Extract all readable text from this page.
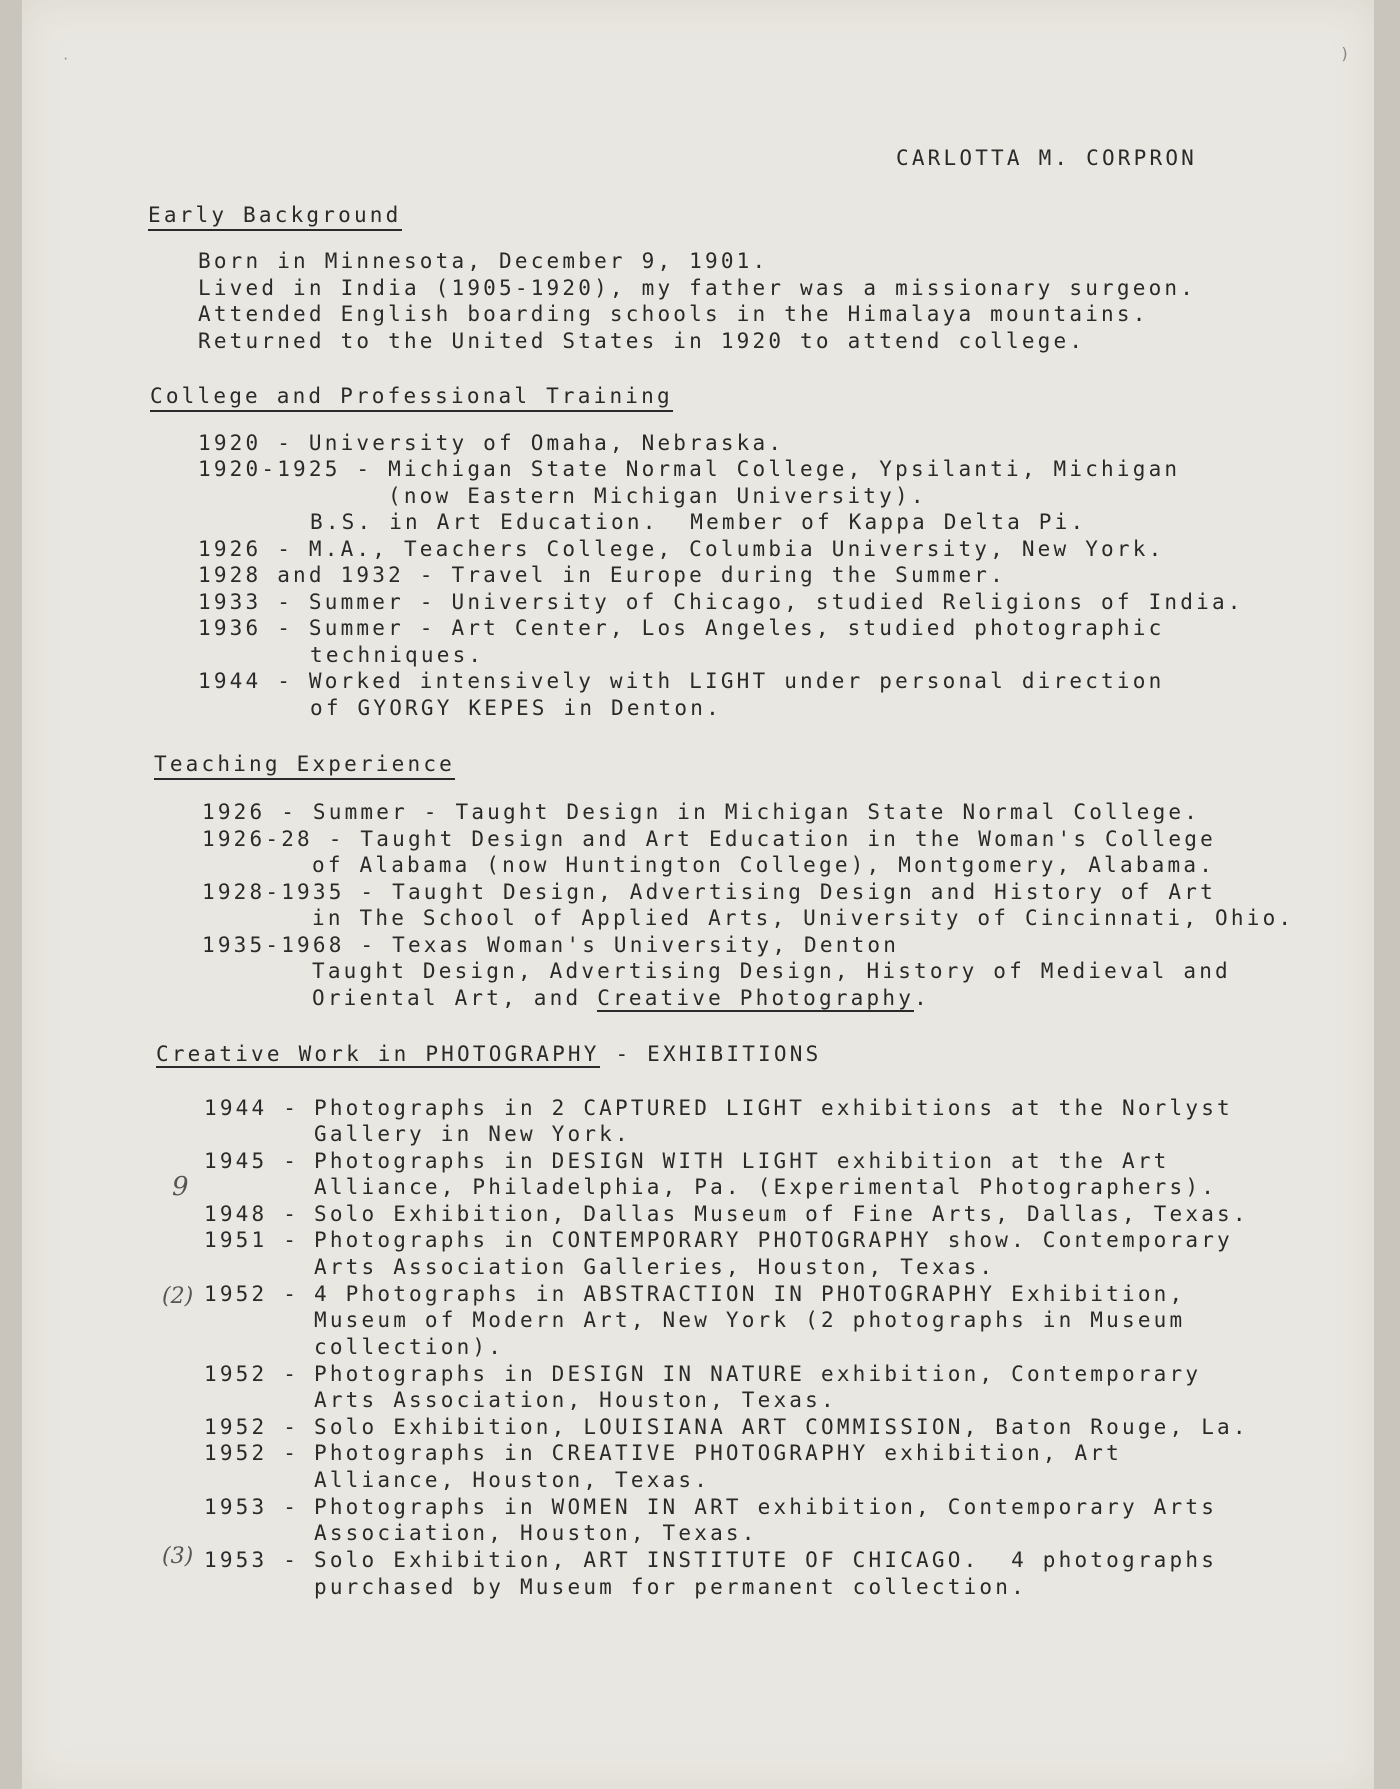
·	)
CARLOTTA M. CORPRON
Early Background
Born in Minnesota, December 9, 1901.
Lived in India (1905-1920), my father was a missionary surgeon.
Attended English boarding schools in the Himalaya mountains.
Returned to the United States in 1920 to attend college.
College and Professional Training
1920 - University of Omaha, Nebraska.
1920-1925 - Michigan State Normal College, Ypsilanti, Michigan
(now Eastern Michigan University).
B.S. in Art Education.  Member of Kappa Delta Pi.
1926 - M.A., Teachers College, Columbia University, New York.
1928 and 1932 - Travel in Europe during the Summer.
1933 - Summer - University of Chicago, studied Religions of India.
1936 - Summer - Art Center, Los Angeles, studied photographic
techniques.
1944 - Worked intensively with LIGHT under personal direction
of GYORGY KEPES in Denton.
Teaching Experience
1926 - Summer - Taught Design in Michigan State Normal College.
1926-28 - Taught Design and Art Education in the Woman's College
of Alabama (now Huntington College), Montgomery, Alabama.
1928-1935 - Taught Design, Advertising Design and History of Art
in The School of Applied Arts, University of Cincinnati, Ohio.
1935-1968 - Texas Woman's University, Denton
Taught Design, Advertising Design, History of Medieval and
Oriental Art, and Creative Photography.
Creative Work in PHOTOGRAPHY - EXHIBITIONS
1944 - Photographs in 2 CAPTURED LIGHT exhibitions at the Norlyst
Gallery in New York.
1945 - Photographs in DESIGN WITH LIGHT exhibition at the Art
Alliance, Philadelphia, Pa. (Experimental Photographers).
1948 - Solo Exhibition, Dallas Museum of Fine Arts, Dallas, Texas.
1951 - Photographs in CONTEMPORARY PHOTOGRAPHY show. Contemporary
Arts Association Galleries, Houston, Texas.
1952 - 4 Photographs in ABSTRACTION IN PHOTOGRAPHY Exhibition,
Museum of Modern Art, New York (2 photographs in Museum
collection).
1952 - Photographs in DESIGN IN NATURE exhibition, Contemporary
Arts Association, Houston, Texas.
1952 - Solo Exhibition, LOUISIANA ART COMMISSION, Baton Rouge, La.
1952 - Photographs in CREATIVE PHOTOGRAPHY exhibition, Art
Alliance, Houston, Texas.
1953 - Photographs in WOMEN IN ART exhibition, Contemporary Arts
Association, Houston, Texas.
1953 - Solo Exhibition, ART INSTITUTE OF CHICAGO.  4 photographs
purchased by Museum for permanent collection.
9
(2)
(3)
